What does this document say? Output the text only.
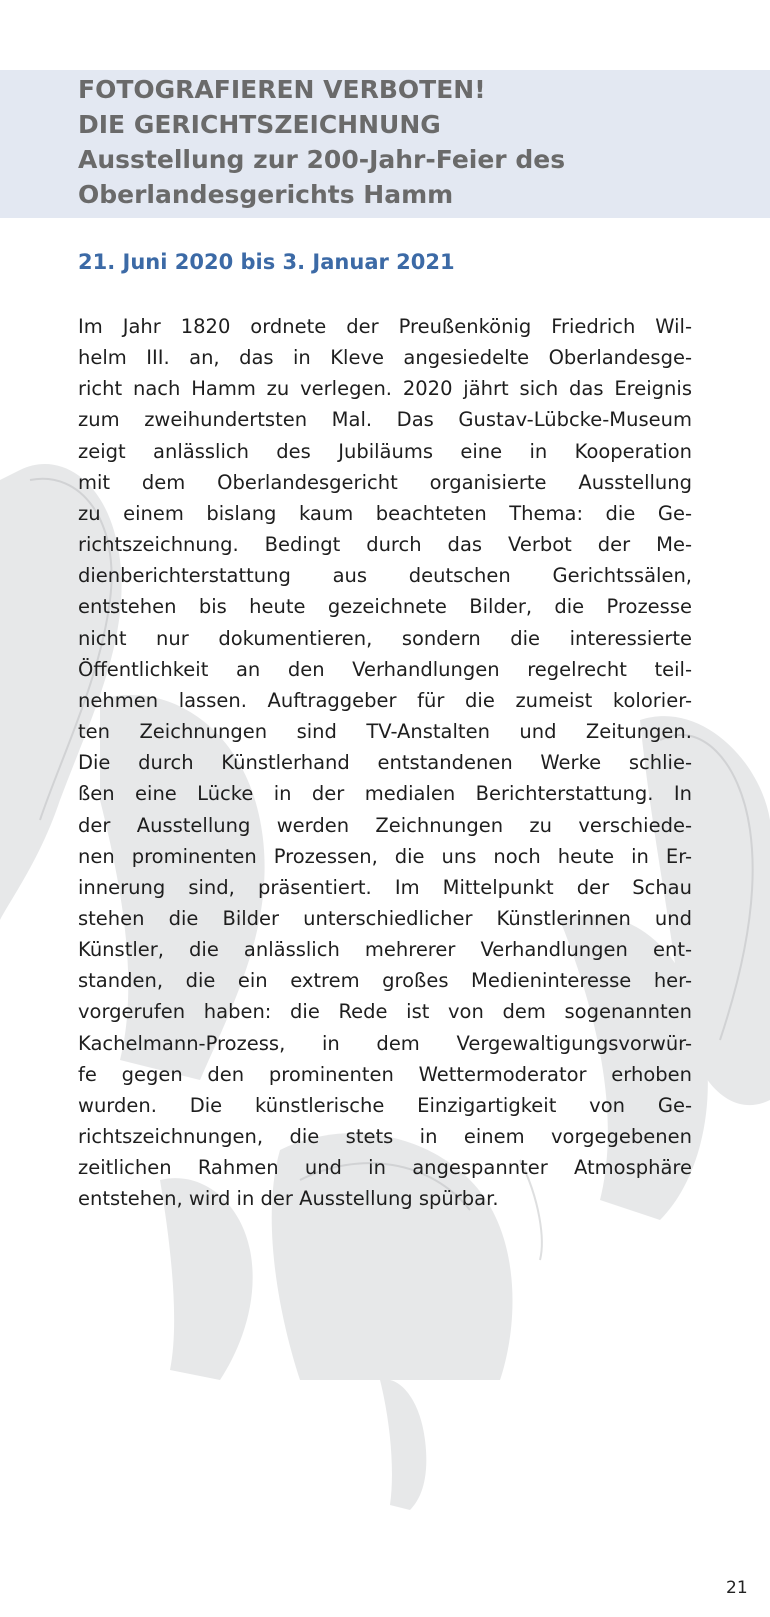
FOTOGRAFIEREN VERBOTEN!
DIE GERICHTSZEICHNUNG
Ausstellung zur 200-Jahr-Feier des
Oberlandesgerichts Hamm
21. Juni 2020 bis 3. Januar 2021
Im Jahr 1820 ordnete der Preußenkönig Friedrich Wil-
helm III. an, das in Kleve angesiedelte Oberlandesge-
richt nach Hamm zu verlegen. 2020 jährt sich das Ereignis
zum zweihundertsten Mal. Das Gustav-Lübcke-Museum
zeigt anlässlich des Jubiläums eine in Kooperation
mit dem Oberlandesgericht organisierte Ausstellung
zu einem bislang kaum beachteten Thema: die Ge-
richtszeichnung. Bedingt durch das Verbot der Me-
dienberichterstattung aus deutschen Gerichtssälen,
entstehen bis heute gezeichnete Bilder, die Prozesse
nicht nur dokumentieren, sondern die interessierte
Öffentlichkeit an den Verhandlungen regelrecht teil-
nehmen lassen. Auftraggeber für die zumeist kolorier-
ten Zeichnungen sind TV-Anstalten und Zeitungen.
Die durch Künstlerhand entstandenen Werke schlie-
ßen eine Lücke in der medialen Berichterstattung. In
der Ausstellung werden Zeichnungen zu verschiede-
nen prominenten Prozessen, die uns noch heute in Er-
innerung sind, präsentiert. Im Mittelpunkt der Schau
stehen die Bilder unterschiedlicher Künstlerinnen und
Künstler, die anlässlich mehrerer Verhandlungen ent-
standen, die ein extrem großes Medieninteresse her-
vorgerufen haben: die Rede ist von dem sogenannten
Kachelmann-Prozess, in dem Vergewaltigungsvorwür-
fe gegen den prominenten Wettermoderator erhoben
wurden. Die künstlerische Einzigartigkeit von Ge-
richtszeichnungen, die stets in einem vorgegebenen
zeitlichen Rahmen und in angespannter Atmosphäre
entstehen, wird in der Ausstellung spürbar.
21
